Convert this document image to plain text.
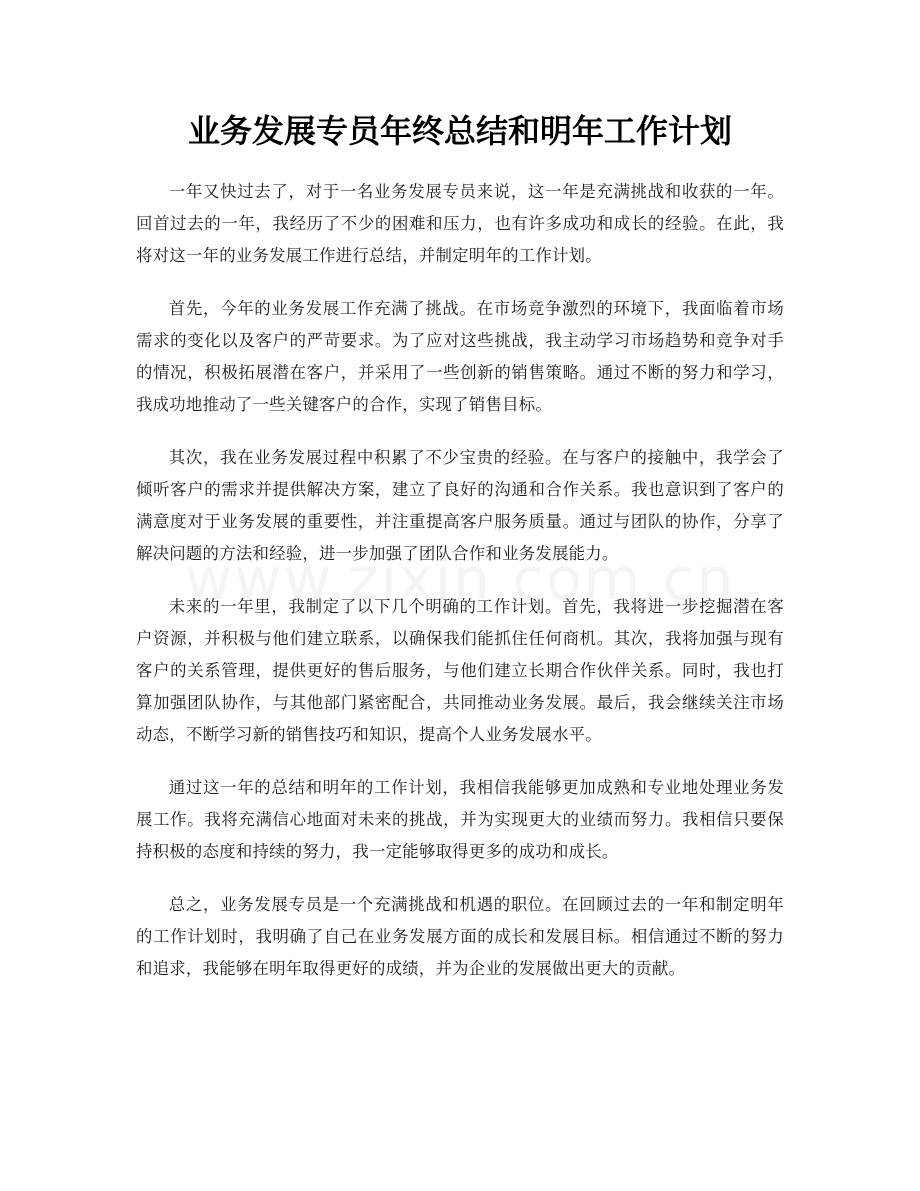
业务发展专员年终总结和明年工作计划

一年又快过去了，对于一名业务发展专员来说，这一年是充满挑战和收获的一年。回首过去的一年，我经历了不少的困难和压力，也有许多成功和成长的经验。在此，我将对这一年的业务发展工作进行总结，并制定明年的工作计划。

首先，今年的业务发展工作充满了挑战。在市场竞争激烈的环境下，我面临着市场需求的变化以及客户的严苛要求。为了应对这些挑战，我主动学习市场趋势和竞争对手的情况，积极拓展潜在客户，并采用了一些创新的销售策略。通过不断的努力和学习，我成功地推动了一些关键客户的合作，实现了销售目标。

其次，我在业务发展过程中积累了不少宝贵的经验。在与客户的接触中，我学会了倾听客户的需求并提供解决方案，建立了良好的沟通和合作关系。我也意识到了客户的满意度对于业务发展的重要性，并注重提高客户服务质量。通过与团队的协作，分享了解决问题的方法和经验，进一步加强了团队合作和业务发展能力。

未来的一年里，我制定了以下几个明确的工作计划。首先，我将进一步挖掘潜在客户资源，并积极与他们建立联系，以确保我们能抓住任何商机。其次，我将加强与现有客户的关系管理，提供更好的售后服务，与他们建立长期合作伙伴关系。同时，我也打算加强团队协作，与其他部门紧密配合，共同推动业务发展。最后，我会继续关注市场动态，不断学习新的销售技巧和知识，提高个人业务发展水平。

通过这一年的总结和明年的工作计划，我相信我能够更加成熟和专业地处理业务发展工作。我将充满信心地面对未来的挑战，并为实现更大的业绩而努力。我相信只要保持积极的态度和持续的努力，我一定能够取得更多的成功和成长。

总之，业务发展专员是一个充满挑战和机遇的职位。在回顾过去的一年和制定明年的工作计划时，我明确了自己在业务发展方面的成长和发展目标。相信通过不断的努力和追求，我能够在明年取得更好的成绩，并为企业的发展做出更大的贡献。
